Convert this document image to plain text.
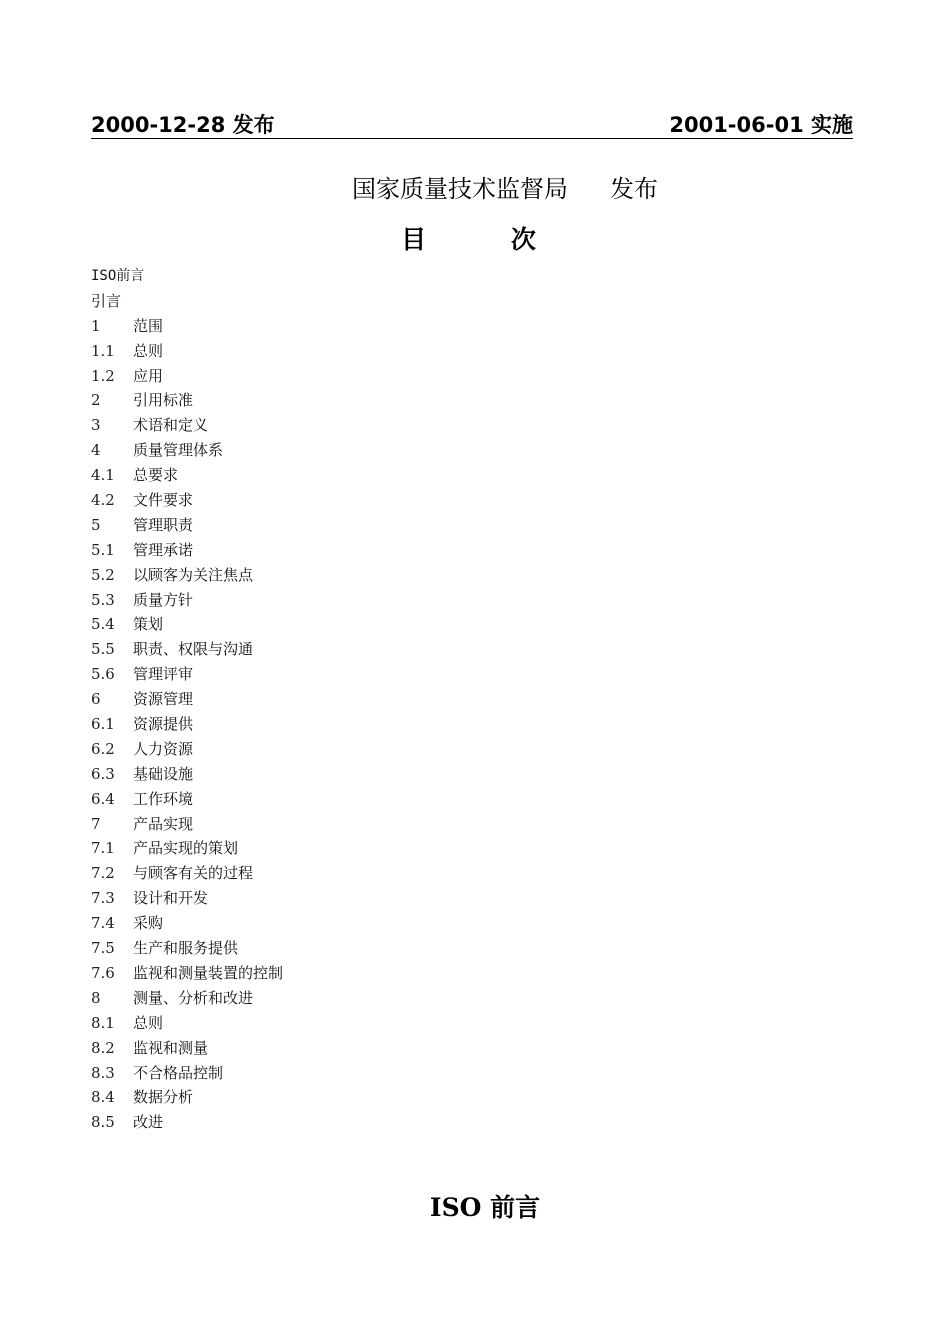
2000-12-28 发布	2001-06-01 实施
国家质量技术监督局 发布
目 次
ISO前言
引言
1 范围
1.1 总则
1.2 应用
2 引用标准
3 术语和定义
4 质量管理体系
4.1 总要求
4.2 文件要求
5 管理职责
5.1 管理承诺
5.2 以顾客为关注焦点
5.3 质量方针
5.4 策划
5.5 职责、权限与沟通
5.6 管理评审
6 资源管理
6.1 资源提供
6.2 人力资源
6.3 基础设施
6.4 工作环境
7 产品实现
7.1 产品实现的策划
7.2 与顾客有关的过程
7.3 设计和开发
7.4 采购
7.5 生产和服务提供
7.6 监视和测量装置的控制
8 测量、分析和改进
8.1 总则
8.2 监视和测量
8.3 不合格品控制
8.4 数据分析
8.5 改进
ISO 前言
